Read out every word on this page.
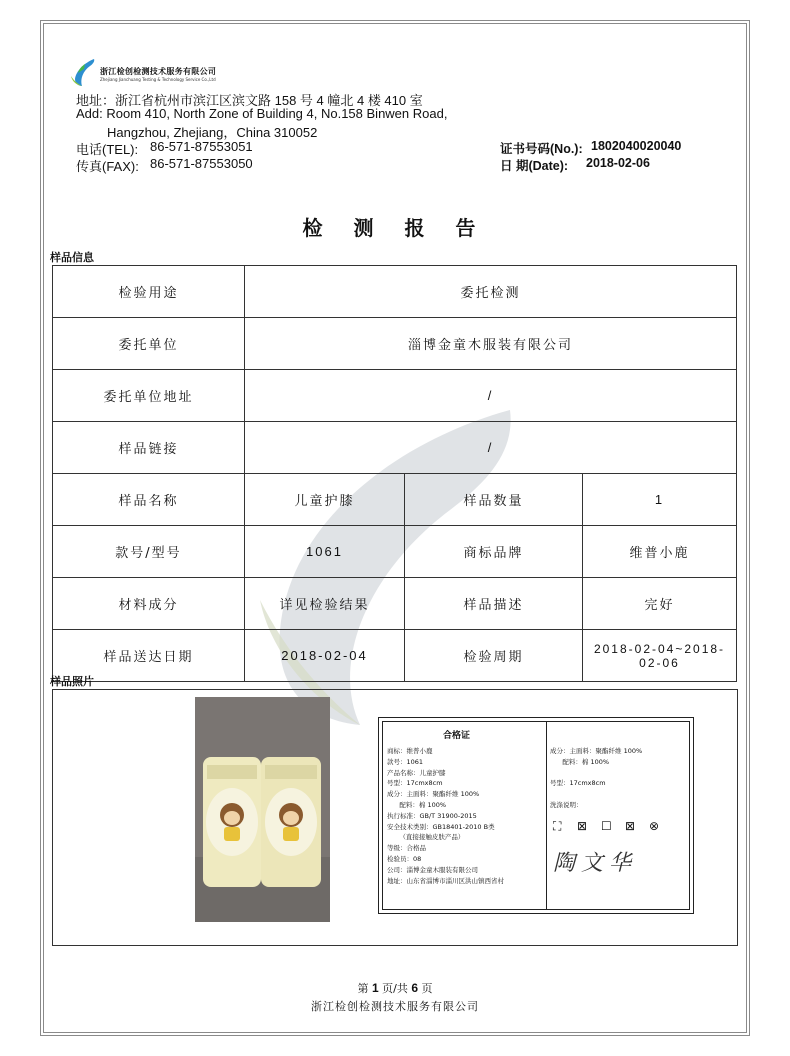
浙江检创检测技术服务有限公司
Zhejiang Jianchuang Testing & Technology Service Co.,Ltd
地址：浙江省杭州市滨江区滨文路 158 号 4 幢北 4 楼 410 室
Add: Room 410, North Zone of Building 4, No.158 Binwen Road,
Hangzhou, Zhejiang，China 310052
电话(TEL): 86-571-87553051
传真(FAX): 86-571-87553050
证书号码(No.): 1802040020040
日 期(Date): 2018-02-06
检 测 报 告
样品信息
检验用途	委托检测		
委托单位	淄博金童木服装有限公司		
委托单位地址	/		
样品链接	/		
样品名称	儿童护膝	样品数量	1
款号/型号	1061	商标品牌	维普小鹿
材料成分	详见检验结果	样品描述	完好
样品送达日期	2018-02-04	检验周期	2018-02-04~2018-02-06
样品照片
合格证
商标：维普小鹿
款号：1061
产品名称：儿童护膝
号型：17cmx8cm
成分：主面料：聚酯纤维 100%
配料：棉 100%
执行标准：GB/T 31900-2015
安全技术类别：GB18401-2010 B类
（直接接触皮肤产品）
等级：合格品
检验员：08
公司：淄博金童木服装有限公司
地址：山东省淄博市淄川区洪山镇西省村
成分：主面料：聚酯纤维 100%
配料：棉 100%

号型：17cmx8cm

洗涤说明：
⛶ ⊠ ☐ ⊠ ⊗
陶文华
第 1 页/共 6 页
浙江检创检测技术服务有限公司
